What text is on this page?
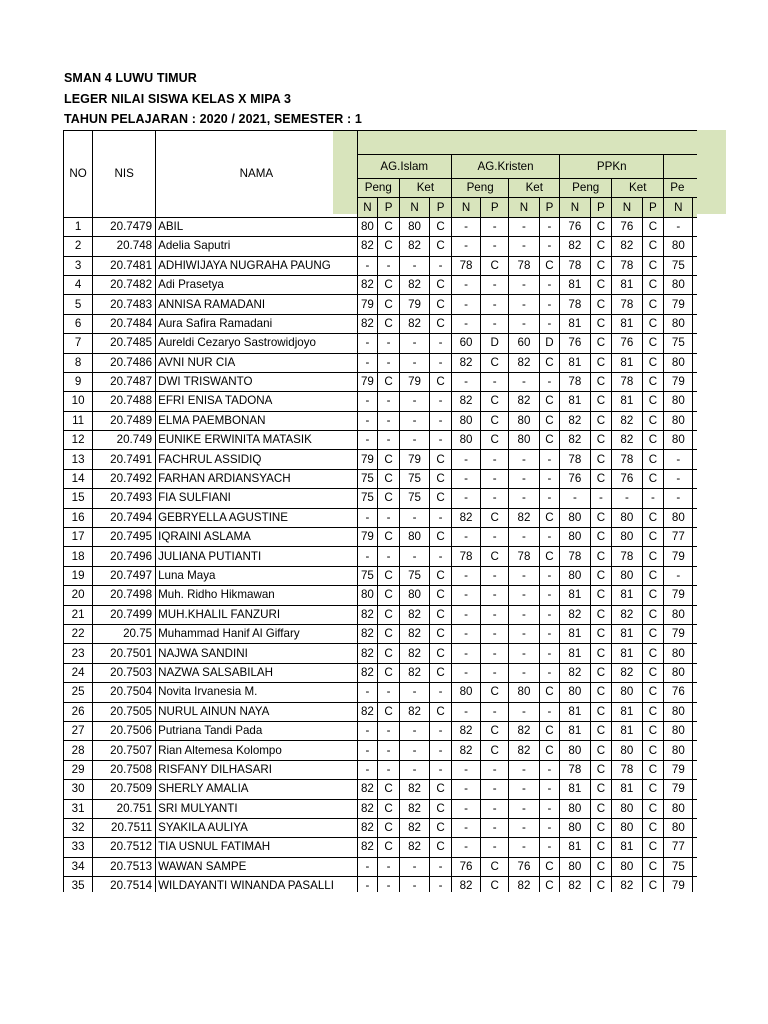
SMAN 4 LUWU TIMUR
LEGER NILAI SISWA KELAS X MIPA 3
TAHUN PELAJARAN : 2020 / 2021, SEMESTER : 1
NO	NIS	NAMA														
			AG.Islam				AG.Kristen				PPKn					
			Peng		Ket		Peng		Ket		Peng		Ket		Pe	
			N	P	N	P	N	P	N	P	N	P	N	P	N	
1	20.7479	ABIL	80	C	80	C	-	-	-	-	76	C	76	C	-	
2	20.748	Adelia Saputri	82	C	82	C	-	-	-	-	82	C	82	C	80	
3	20.7481	ADHIWIJAYA NUGRAHA PAUNG	-	-	-	-	78	C	78	C	78	C	78	C	75	
4	20.7482	Adi Prasetya	82	C	82	C	-	-	-	-	81	C	81	C	80	
5	20.7483	ANNISA RAMADANI	79	C	79	C	-	-	-	-	78	C	78	C	79	
6	20.7484	Aura Safira Ramadani	82	C	82	C	-	-	-	-	81	C	81	C	80	
7	20.7485	Aureldi Cezaryo Sastrowidjoyo	-	-	-	-	60	D	60	D	76	C	76	C	75	
8	20.7486	AVNI NUR CIA	-	-	-	-	82	C	82	C	81	C	81	C	80	
9	20.7487	DWI TRISWANTO	79	C	79	C	-	-	-	-	78	C	78	C	79	
10	20.7488	EFRI ENISA TADONA	-	-	-	-	82	C	82	C	81	C	81	C	80	
11	20.7489	ELMA PAEMBONAN	-	-	-	-	80	C	80	C	82	C	82	C	80	
12	20.749	EUNIKE ERWINITA MATASIK	-	-	-	-	80	C	80	C	82	C	82	C	80	
13	20.7491	FACHRUL ASSIDIQ	79	C	79	C	-	-	-	-	78	C	78	C	-	
14	20.7492	FARHAN ARDIANSYACH	75	C	75	C	-	-	-	-	76	C	76	C	-	
15	20.7493	FIA SULFIANI	75	C	75	C	-	-	-	-	-	-	-	-	-	
16	20.7494	GEBRYELLA AGUSTINE	-	-	-	-	82	C	82	C	80	C	80	C	80	
17	20.7495	IQRAINI ASLAMA	79	C	80	C	-	-	-	-	80	C	80	C	77	
18	20.7496	JULIANA PUTIANTI	-	-	-	-	78	C	78	C	78	C	78	C	79	
19	20.7497	Luna Maya	75	C	75	C	-	-	-	-	80	C	80	C	-	
20	20.7498	Muh. Ridho Hikmawan	80	C	80	C	-	-	-	-	81	C	81	C	79	
21	20.7499	MUH.KHALIL FANZURI	82	C	82	C	-	-	-	-	82	C	82	C	80	
22	20.75	Muhammad Hanif Al Giffary	82	C	82	C	-	-	-	-	81	C	81	C	79	
23	20.7501	NAJWA SANDINI	82	C	82	C	-	-	-	-	81	C	81	C	80	
24	20.7503	NAZWA SALSABILAH	82	C	82	C	-	-	-	-	82	C	82	C	80	
25	20.7504	Novita Irvanesia M.	-	-	-	-	80	C	80	C	80	C	80	C	76	
26	20.7505	NURUL AINUN NAYA	82	C	82	C	-	-	-	-	81	C	81	C	80	
27	20.7506	Putriana Tandi Pada	-	-	-	-	82	C	82	C	81	C	81	C	80	
28	20.7507	Rian Altemesa Kolompo	-	-	-	-	82	C	82	C	80	C	80	C	80	
29	20.7508	RISFANY DILHASARI	-	-	-	-	-	-	-	-	78	C	78	C	79	
30	20.7509	SHERLY AMALIA	82	C	82	C	-	-	-	-	81	C	81	C	79	
31	20.751	SRI MULYANTI	82	C	82	C	-	-	-	-	80	C	80	C	80	
32	20.7511	SYAKILA AULIYA	82	C	82	C	-	-	-	-	80	C	80	C	80	
33	20.7512	TIA USNUL FATIMAH	82	C	82	C	-	-	-	-	81	C	81	C	77	
34	20.7513	WAWAN SAMPE	-	-	-	-	76	C	76	C	80	C	80	C	75	
35	20.7514	WILDAYANTI WINANDA PASALLI	-	-	-	-	82	C	82	C	82	C	82	C	79	
